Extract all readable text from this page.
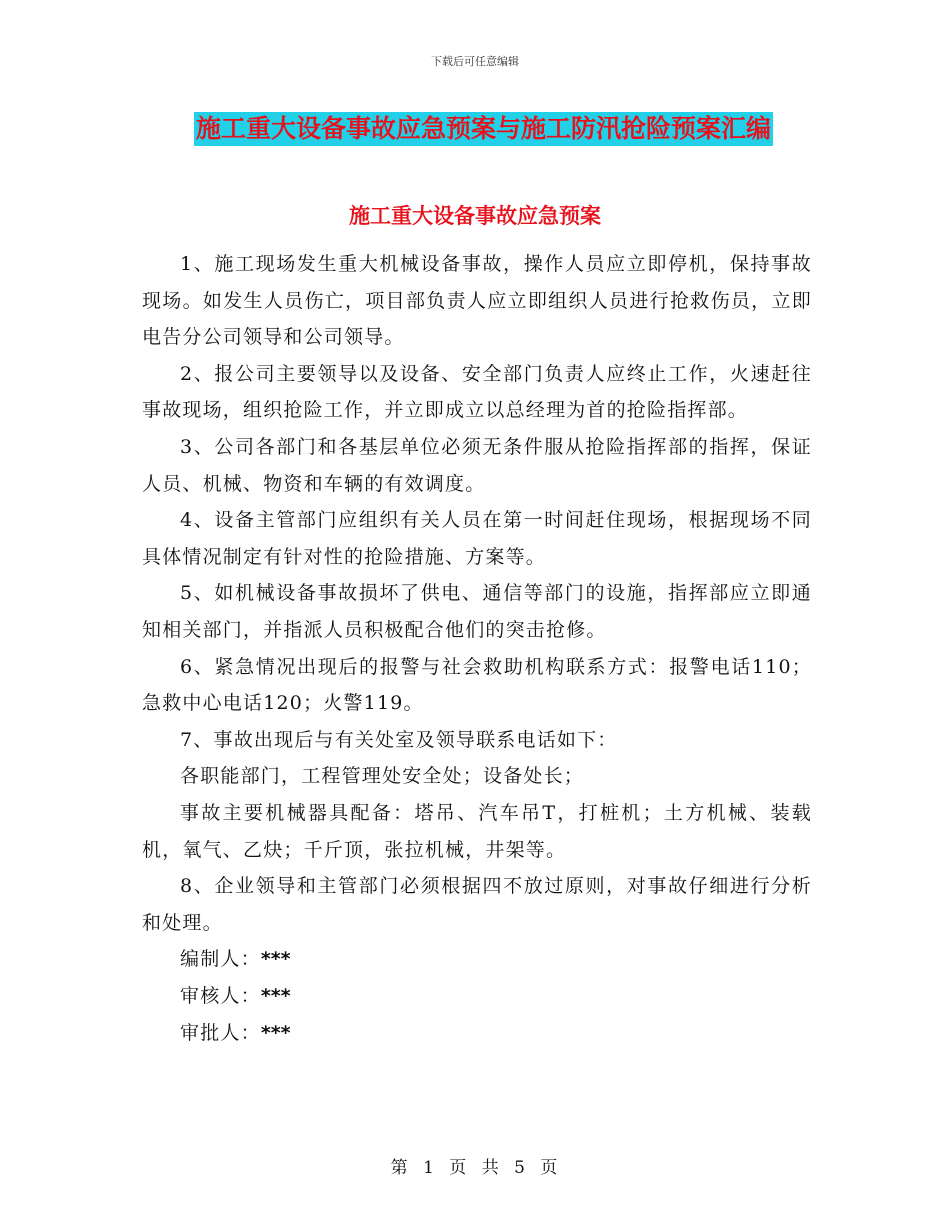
下载后可任意编辑
施工重大设备事故应急预案与施工防汛抢险预案汇编
施工重大设备事故应急预案

1、施工现场发生重大机械设备事故，操作人员应立即停机，保持事故现场。如发生人员伤亡，项目部负责人应立即组织人员进行抢救伤员，立即电告分公司领导和公司领导。

2、报公司主要领导以及设备、安全部门负责人应终止工作，火速赶往事故现场，组织抢险工作，并立即成立以总经理为首的抢险指挥部。

3、公司各部门和各基层单位必须无条件服从抢险指挥部的指挥，保证人员、机械、物资和车辆的有效调度。

4、设备主管部门应组织有关人员在第一时间赶住现场，根据现场不同具体情况制定有针对性的抢险措施、方案等。

5、如机械设备事故损坏了供电、通信等部门的设施，指挥部应立即通知相关部门，并指派人员积极配合他们的突击抢修。

6、紧急情况出现后的报警与社会救助机构联系方式：报警电话110；急救中心电话120；火警119。

7、事故出现后与有关处室及领导联系电话如下：

各职能部门，工程管理处安全处；设备处长；

事故主要机械器具配备：塔吊、汽车吊T，打桩机；土方机械、装载机，氧气、乙炔；千斤顶，张拉机械，井架等。

8、企业领导和主管部门必须根据四不放过原则，对事故仔细进行分析和处理。

编制人：***

审核人：***

审批人：***

第 1 页 共 5 页
